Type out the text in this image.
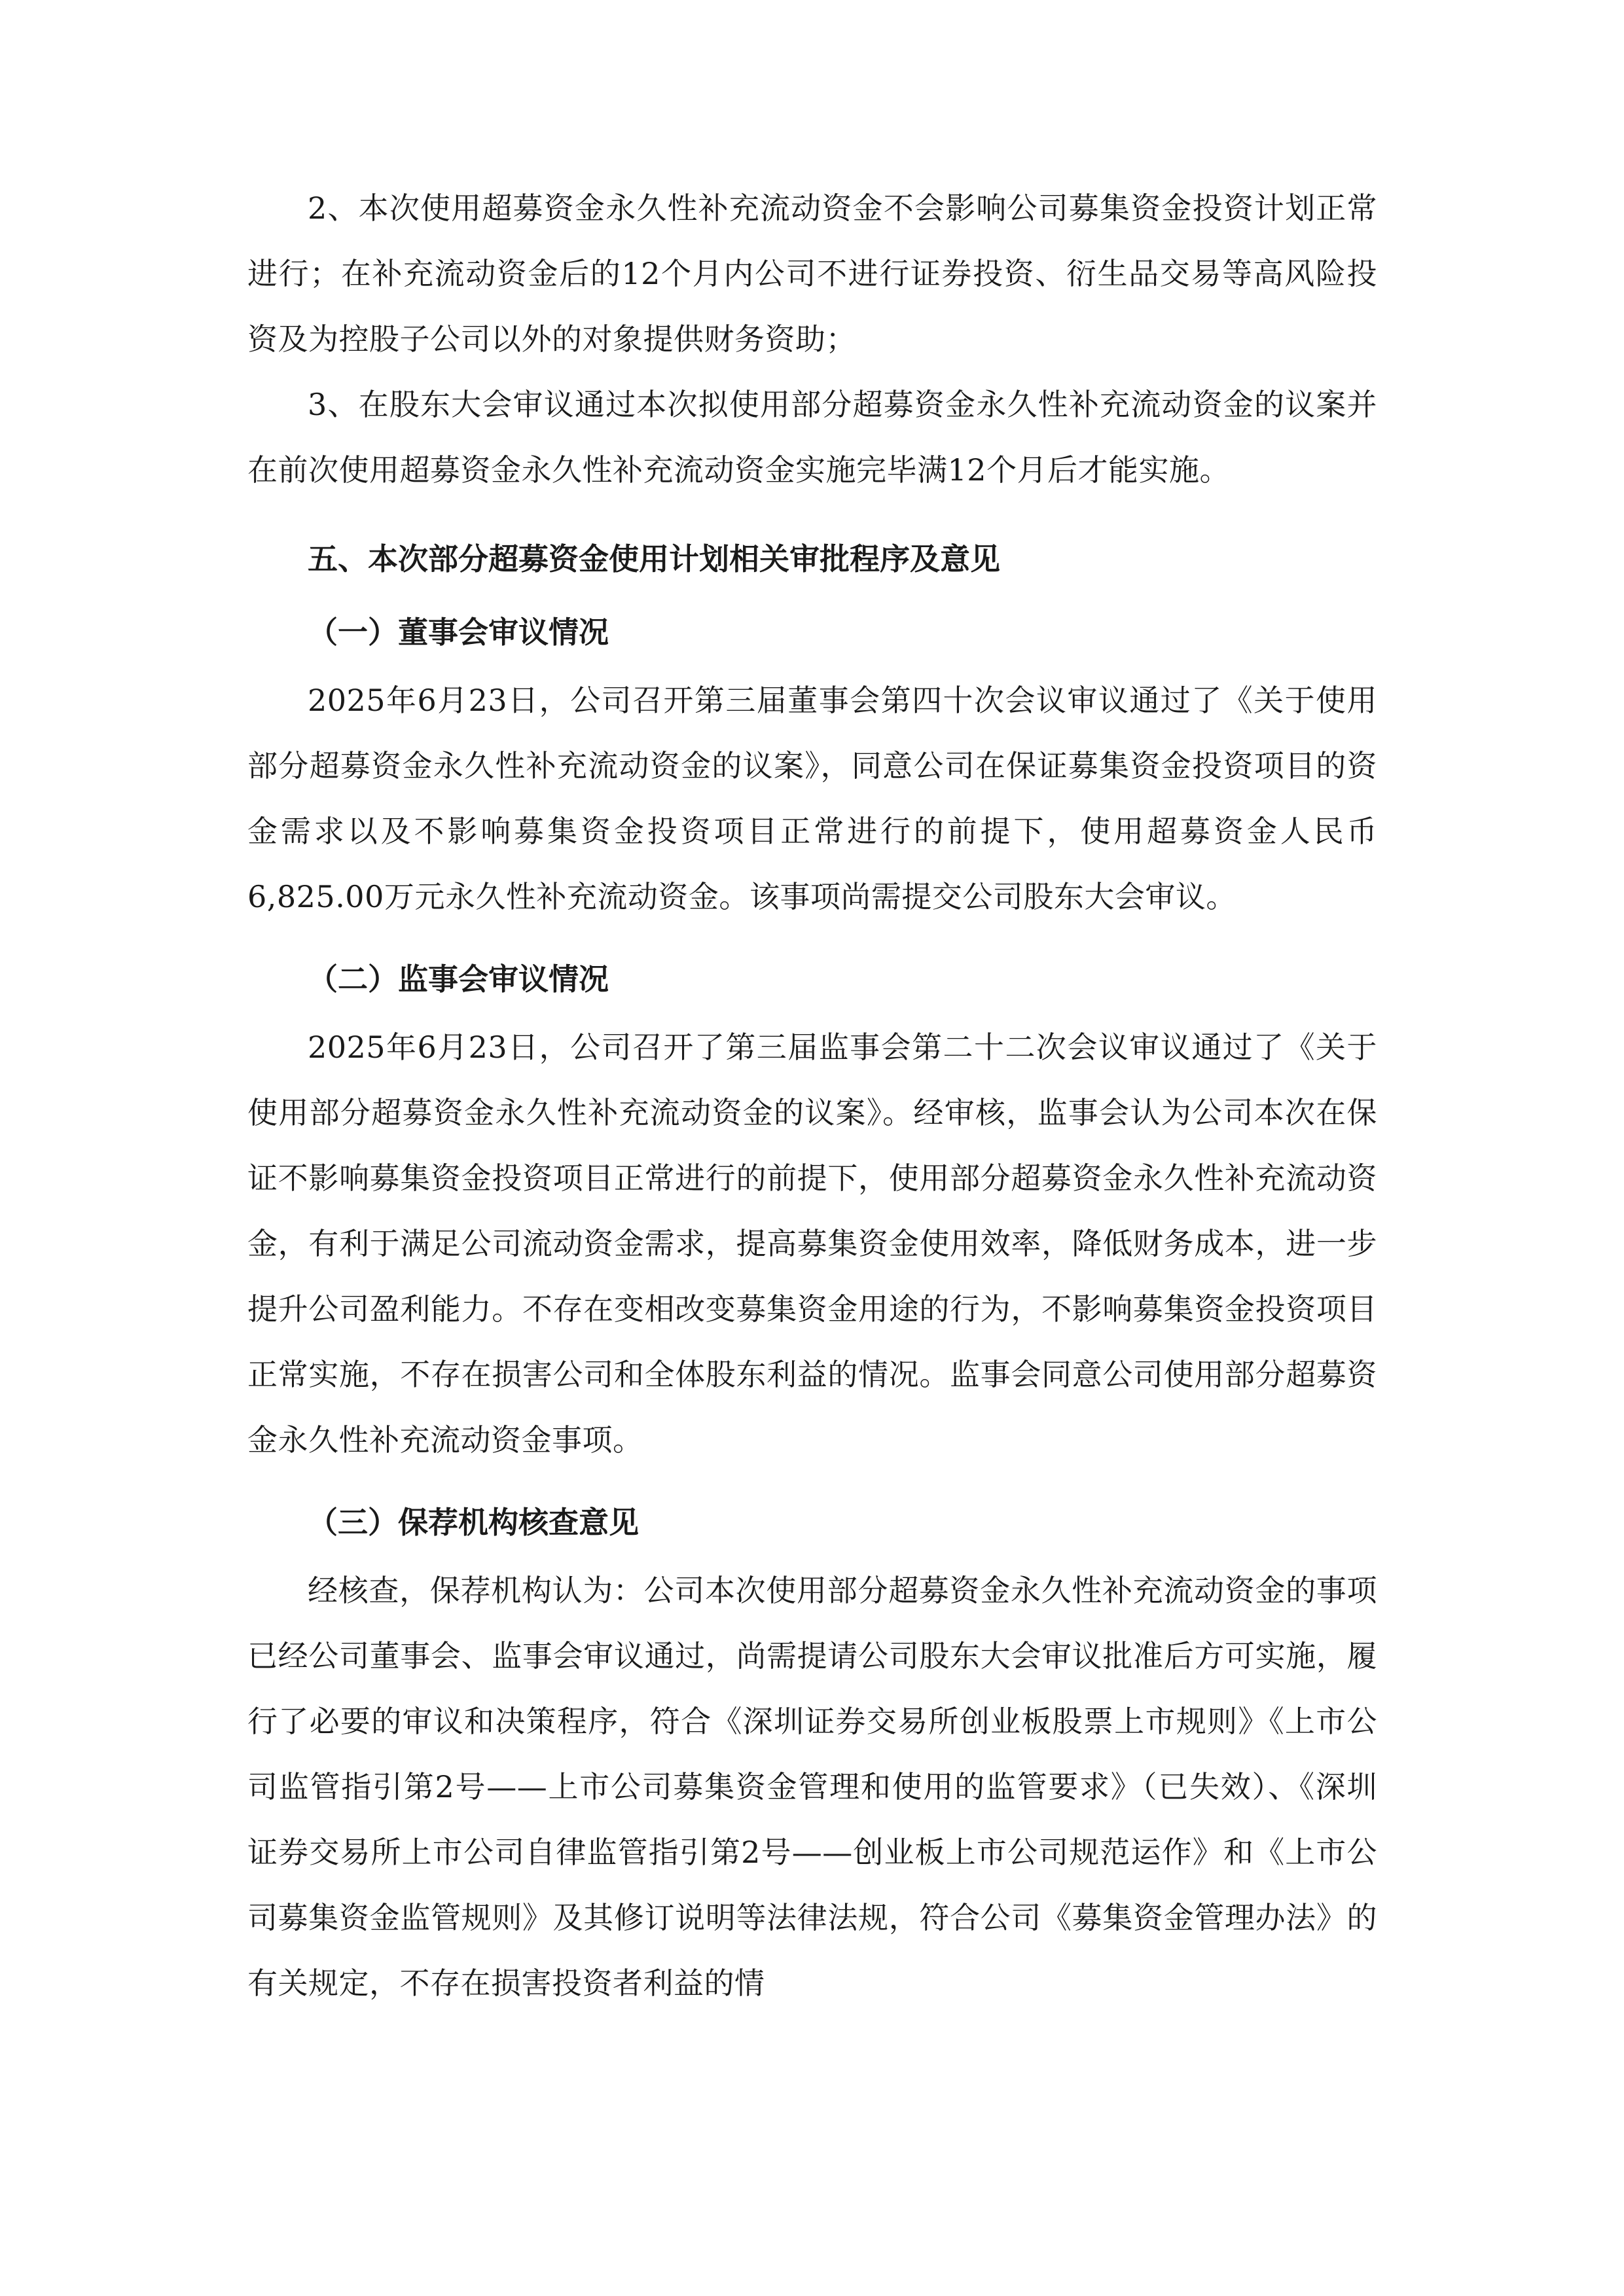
2、本次使用超募资金永久性补充流动资金不会影响公司募集资金投资计划正常进行；在补充流动资金后的12个月内公司不进行证券投资、衍生品交易等高风险投资及为控股子公司以外的对象提供财务资助；

3、在股东大会审议通过本次拟使用部分超募资金永久性补充流动资金的议案并在前次使用超募资金永久性补充流动资金实施完毕满12个月后才能实施。

五、本次部分超募资金使用计划相关审批程序及意见

（一）董事会审议情况

2025年6月23日，公司召开第三届董事会第四十次会议审议通过了《关于使用部分超募资金永久性补充流动资金的议案》，同意公司在保证募集资金投资项目的资金需求以及不影响募集资金投资项目正常进行的前提下，使用超募资金人民币6,825.00万元永久性补充流动资金。该事项尚需提交公司股东大会审议。

（二）监事会审议情况

2025年6月23日，公司召开了第三届监事会第二十二次会议审议通过了《关于使用部分超募资金永久性补充流动资金的议案》。经审核，监事会认为公司本次在保证不影响募集资金投资项目正常进行的前提下，使用部分超募资金永久性补充流动资金，有利于满足公司流动资金需求，提高募集资金使用效率，降低财务成本，进一步提升公司盈利能力。不存在变相改变募集资金用途的行为，不影响募集资金投资项目正常实施，不存在损害公司和全体股东利益的情况。监事会同意公司使用部分超募资金永久性补充流动资金事项。

（三）保荐机构核查意见

经核查，保荐机构认为：公司本次使用部分超募资金永久性补充流动资金的事项已经公司董事会、监事会审议通过，尚需提请公司股东大会审议批准后方可实施，履行了必要的审议和决策程序，符合《深圳证券交易所创业板股票上市规则》《上市公司监管指引第2号——上市公司募集资金管理和使用的监管要求》（已失效）、《深圳证券交易所上市公司自律监管指引第2号——创业板上市公司规范运作》和《上市公司募集资金监管规则》及其修订说明等法律法规，符合公司《募集资金管理办法》的有关规定，不存在损害投资者利益的情
